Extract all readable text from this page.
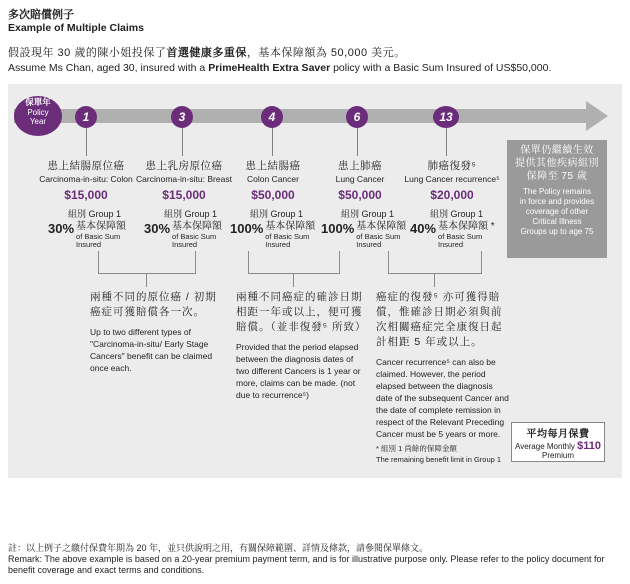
多次賠償例子
Example of Multiple Claims
假設現年 30 歲的陳小姐投保了首選健康多重保，基本保障額為 50,000 美元。
Assume Ms Chan, aged 30, insured with a PrimeHealth Extra Saver policy with a Basic Sum Insured of US$50,000.
保單年
Policy
Year	1	3	4	6	13
患上結腸原位癌
Carcinoma-in-situ: Colon
$15,000
患上乳房原位癌
Carcinoma-in-situ: Breast
$15,000
患上結腸癌
Colon Cancer
$50,000
患上肺癌
Lung Cancer
$50,000
肺癌復發⁵
Lung Cancer recurrence⁵
$20,000
組別 Group 1
30% 基本保障額
of Basic Sum
Insured
組別 Group 1
30% 基本保障額
of Basic Sum
Insured
組別 Group 1
100% 基本保障額
of Basic Sum
Insured
組別 Group 1
100% 基本保障額
of Basic Sum
Insured
組別 Group 1
40% 基本保障額 *
of Basic Sum
Insured
兩種不同的原位癌 / 初期
癌症可獲賠償各一次。
Up to two different types of
"Carcinoma-in-situ/ Early Stage
Cancers" benefit can be claimed
once each.
兩種不同癌症的確診日期
相距一年或以上，便可獲
賠償。（並非復發⁵ 所致）
Provided that the period elapsed
between the diagnosis dates of
two different Cancers is 1 year or
more, claims can be made. (not
due to recurrence⁵)
癌症的復發⁵ 亦可獲得賠
償，惟確診日期必須與前
次相關癌症完全康復日起
計相距 5 年或以上。
Cancer recurrence⁵ can also be
claimed. However, the period
elapsed between the diagnosis
date of the subsequent Cancer and
the date of complete remission in
respect of the Relevant Preceding
Cancer must be 5 years or more.
保單仍繼續生效
提供其他疾病組別
保障至 75 歲
The Policy remains
in force and provides
coverage of other
Critical Illness
Groups up to age 75
平均每月保費
Average Monthly $110
Premium
* 組別 1 尚餘的保障金額
The remaining benefit limit in Group 1
註：以上例子之繳付保費年期為 20 年，並只供說明之用，有關保障範圍、詳情及條款，請參閱保單條文。
Remark: The above example is based on a 20-year premium payment term, and is for illustrative purpose only. Please refer to the policy document for benefit coverage and exact terms and conditions.
